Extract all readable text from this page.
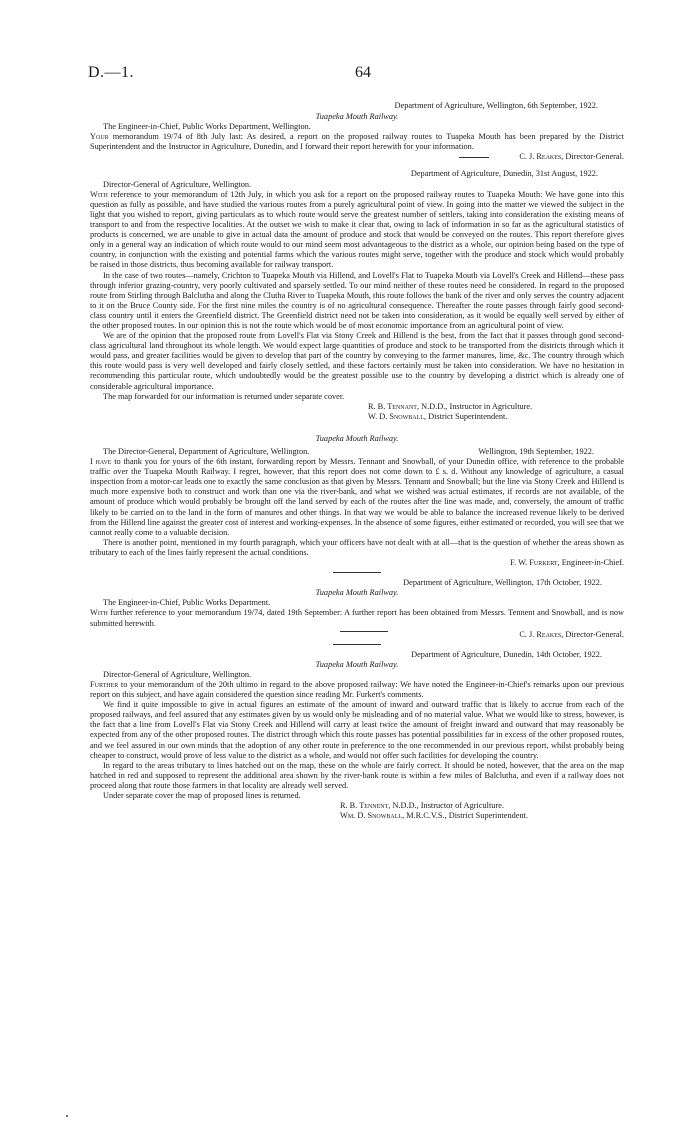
D.—1.	64

Department of Agriculture, Wellington, 6th September, 1922.

Tuapeka Mouth Railway.

The Engineer-in-Chief, Public Works Department, Wellington.

Your memorandum 19/74 of 8th July last: As desired, a report on the proposed railway routes to Tuapeka Mouth has been prepared by the District Superintendent and the Instructor in Agriculture, Dunedin, and I forward their report herewith for your information.

C. J. Reakes, Director-General.

Department of Agriculture, Dunedin, 31st August, 1922.

Director-General of Agriculture, Wellington.

With reference to your memorandum of 12th July, in which you ask for a report on the proposed railway routes to Tuapeka Mouth: We have gone into this question as fully as possible, and have studied the various routes from a purely agricultural point of view. In going into the matter we viewed the subject in the light that you wished to report, giving particulars as to which route would serve the greatest number of settlers, taking into consideration the existing means of transport to and from the respective localities. At the outset we wish to make it clear that, owing to lack of information in so far as the agricultural statistics of products is concerned, we are unable to give in actual data the amount of produce and stock that would be conveyed on the routes. This report therefore gives only in a general way an indication of which route would to our mind seem most advantageous to the district as a whole, our opinion being based on the type of country, in conjunction with the existing and potential farms which the various routes might serve, together with the produce and stock which would probably be raised in those districts, thus becoming available for railway transport.

In the case of two routes—namely, Crichton to Tuapeka Mouth via Hillend, and Lovell's Flat to Tuapeka Mouth via Lovell's Creek and Hillend—these pass through inferior grazing-country, very poorly cultivated and sparsely settled. To our mind neither of these routes need be considered. In regard to the proposed route from Stirling through Balclutha and along the Clutha River to Tuapeka Mouth, this route follows the bank of the river and only serves the country adjacent to it on the Bruce County side. For the first nine miles the country is of no agricultural consequence. Thereafter the route passes through fairly good second-class country until it enters the Greenfield district. The Greenfield district need not be taken into consideration, as it would be equally well served by either of the other proposed routes. In our opinion this is not the route which would be of most economic importance from an agricultural point of view.

We are of the opinion that the proposed route from Lovell's Flat via Stony Creek and Hillend is the best, from the fact that it passes through good second-class agricultural land throughout its whole length. We would expect large quantities of produce and stock to be transported from the districts through which it would pass, and greater facilities would be given to develop that part of the country by conveying to the farmer manures, lime, &c. The country through which this route would pass is very well developed and fairly closely settled, and these factors certainly must be taken into consideration. We have no hesitation in recommending this particular route, which undoubtedly would be the greatest possible use to the country by developing a district which is already one of considerable agricultural importance.

The map forwarded for our information is returned under separate cover.

R. B. Tennant, N.D.D., Instructor in Agriculture.

W. D. Snowball, District Superintendent.

Tuapeka Mouth Railway.

The Director-General, Department of Agriculture, Wellington.	Wellington, 19th September, 1922.

I have to thank you for yours of the 6th instant, forwarding report by Messrs. Tennant and Snowball, of your Dunedin office, with reference to the probable traffic over the Tuapeka Mouth Railway. I regret, however, that this report does not come down to £ s. d. Without any knowledge of agriculture, a casual inspection from a motor-car leads one to exactly the same conclusion as that given by Messrs. Tennant and Snowball; but the line via Stony Creek and Hillend is much more expensive both to construct and work than one via the river-bank, and what we wished was actual estimates, if records are not available, of the amount of produce which would probably be brought off the land served by each of the routes after the line was made, and, conversely, the amount of traffic likely to be carried on to the land in the form of manures and other things. In that way we would be able to balance the increased revenue likely to be derived from the Hillend line against the greater cost of interest and working-expenses. In the absence of some figures, either estimated or recorded, you will see that we cannot really come to a valuable decision.

There is another point, mentioned in my fourth paragraph, which your officers have not dealt with at all—that is the question of whether the areas shown as tributary to each of the lines fairly represent the actual conditions.

F. W. Furkert, Engineer-in-Chief.

Department of Agriculture, Wellington, 17th October, 1922.

Tuapeka Mouth Railway.

The Engineer-in-Chief, Public Works Department.

With further reference to your memorandum 19/74, dated 19th September: A further report has been obtained from Messrs. Tennent and Snowball, and is now submitted herewith.

C. J. Reakes, Director-General.

Department of Agriculture, Dunedin, 14th October, 1922.

Tuapeka Mouth Railway.

Director-General of Agriculture, Wellington.

Further to your memorandum of the 20th ultimo in regard to the above proposed railway: We have noted the Engineer-in-Chief's remarks upon our previous report on this subject, and have again considered the question since reading Mr. Furkert's comments.

We find it quite impossible to give in actual figures an estimate of the amount of inward and outward traffic that is likely to accrue from each of the proposed railways, and feel assured that any estimates given by us would only be misleading and of no material value. What we would like to stress, however, is the fact that a line from Lovell's Flat via Stony Creek and Hillend will carry at least twice the amount of freight inward and outward that may reasonably be expected from any of the other proposed routes. The district through which this route passes has potential possibilities far in excess of the other proposed routes, and we feel assured in our own minds that the adoption of any other route in preference to the one recommended in our previous report, whilst probably being cheaper to construct, would prove of less value to the district as a whole, and would not offer such facilities for developing the country.

In regard to the areas tributary to lines hatched out on the map, these on the whole are fairly correct. It should be noted, however, that the area on the map hatched in red and supposed to represent the additional area shown by the river-bank route is within a few miles of Balclutha, and even if a railway does not proceed along that route those farmers in that locality are already well served.

Under separate cover the map of proposed lines is returned.

R. B. Tennent, N.D.D., Instructor of Agriculture.

Wm. D. Snowball, M.R.C.V.S., District Superintendent.
